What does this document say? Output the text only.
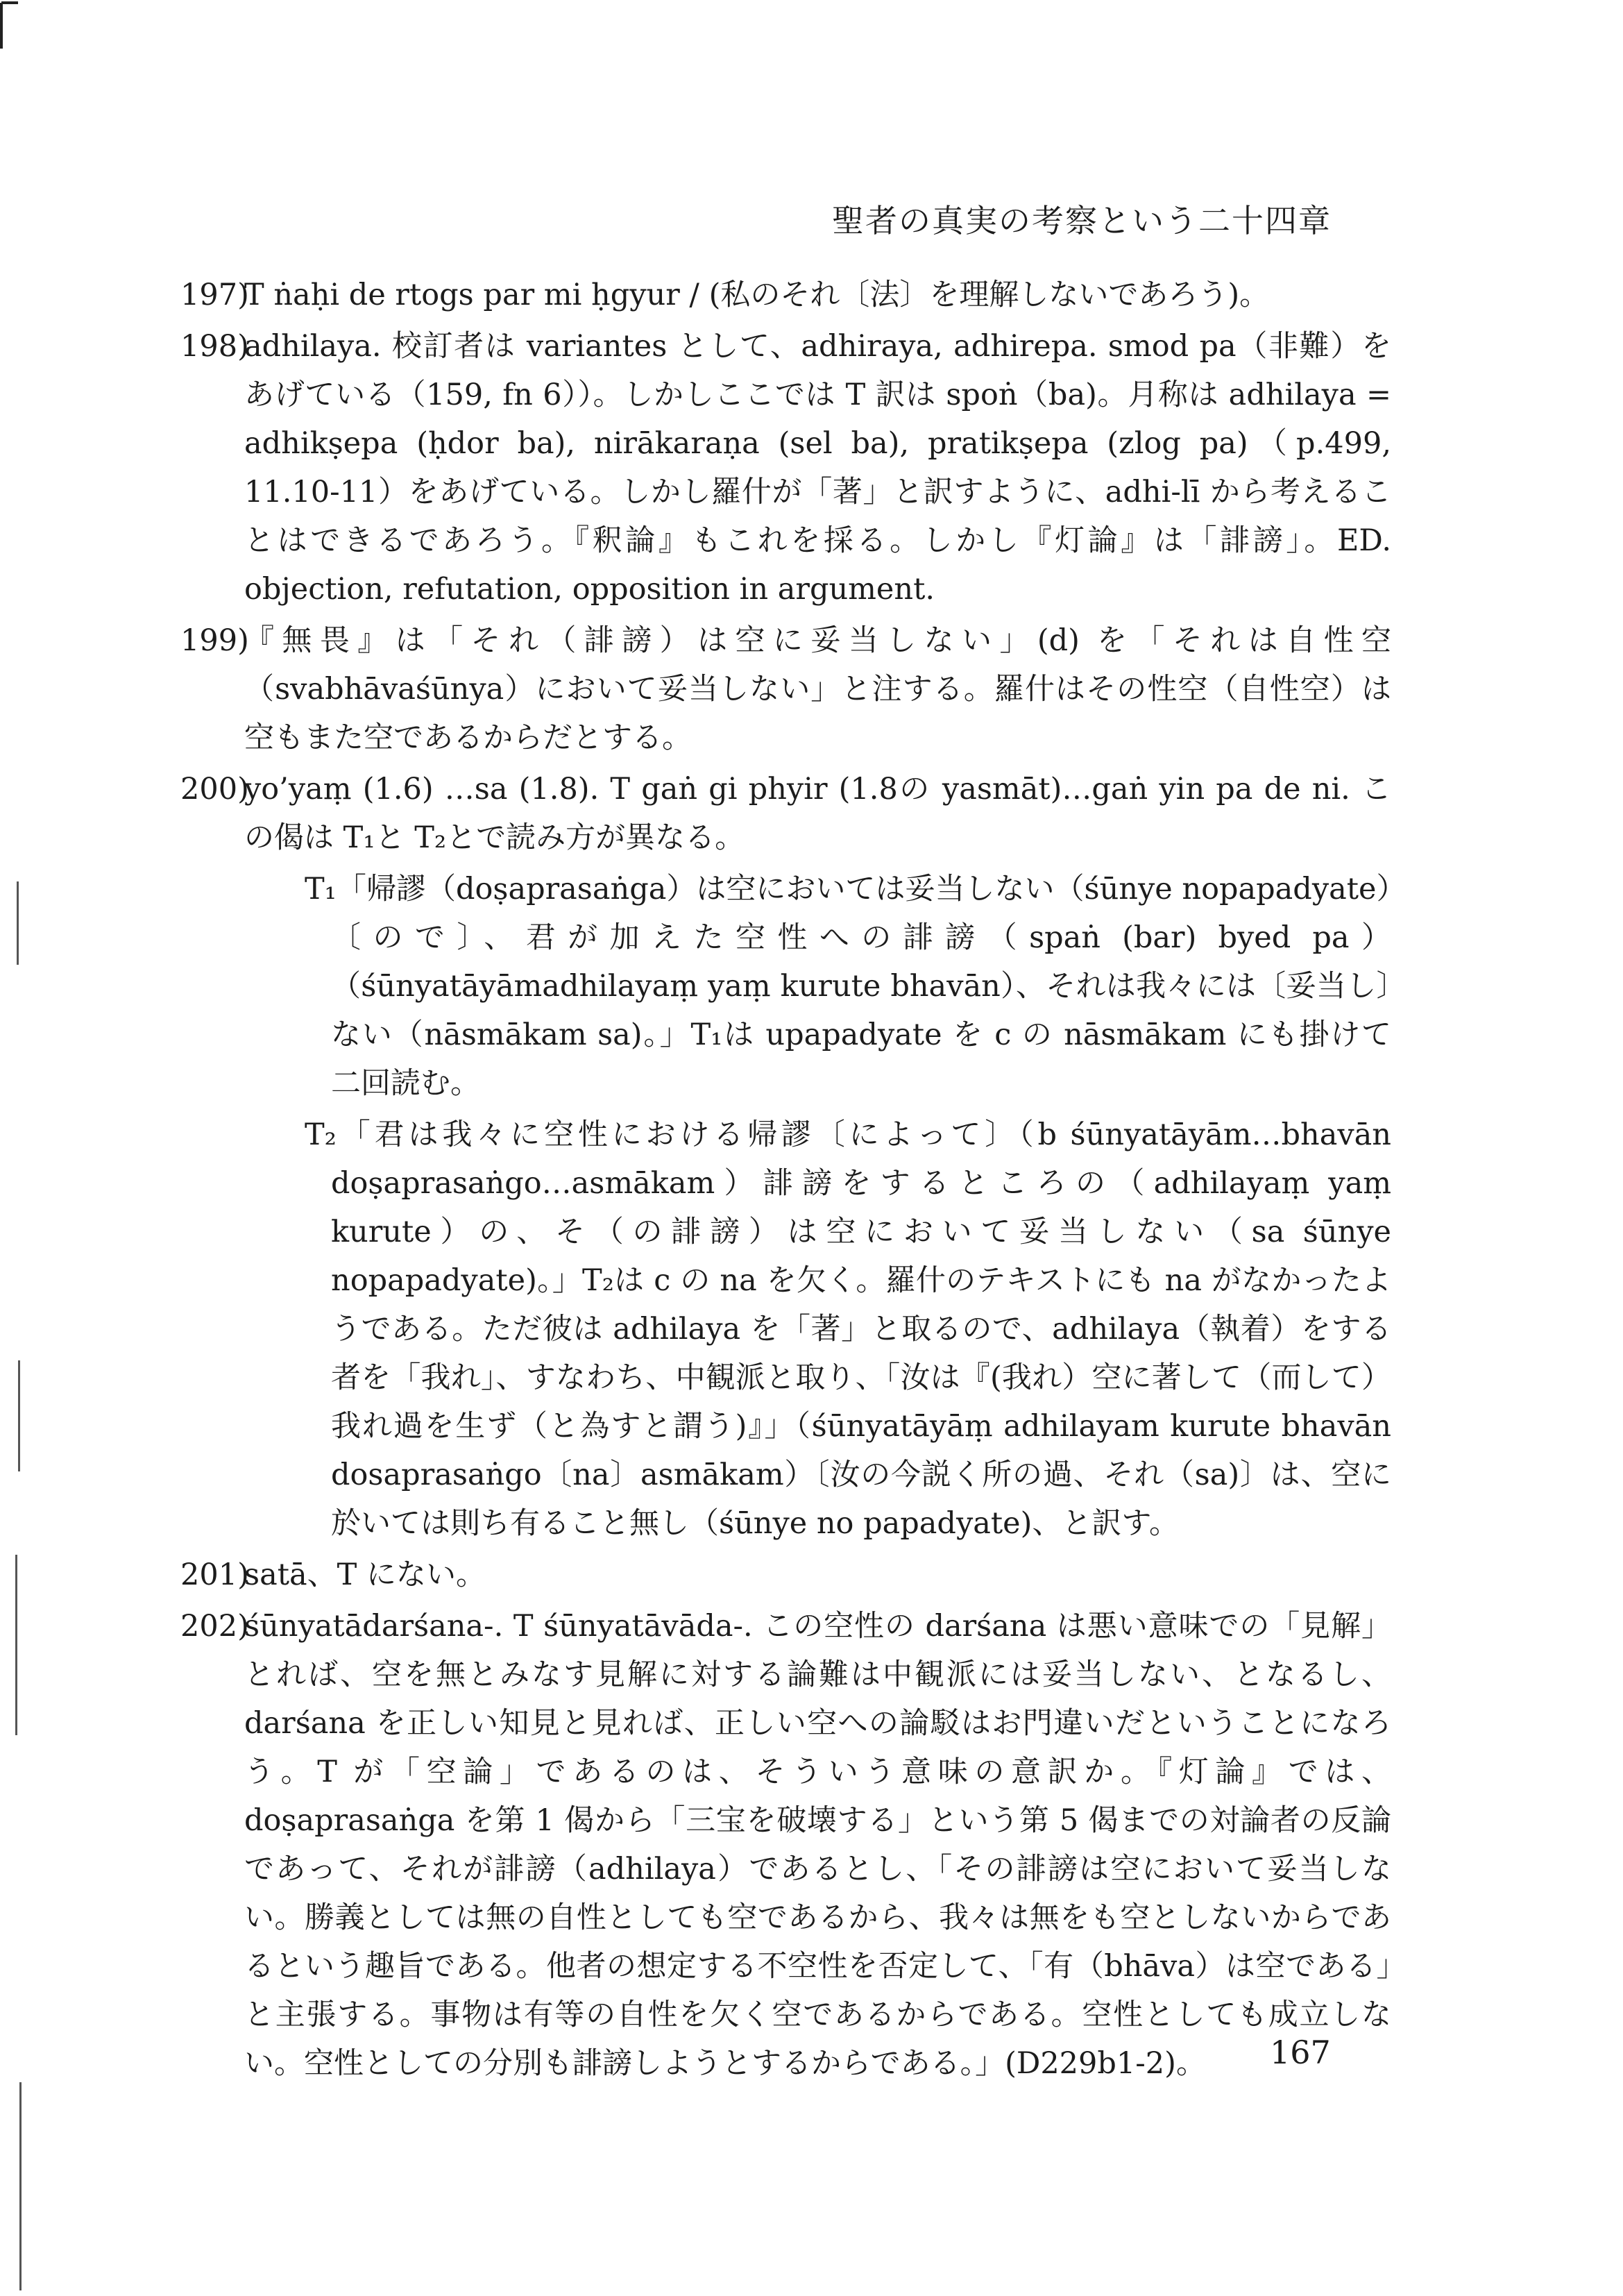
聖者の真実の考察という二十四章
197)
T ṅaḥi de rtogs par mi ḥgyur / (私のそれ〔法〕を理解しないであろう)。
198)
adhilaya. 校訂者は variantes として、adhiraya, adhirepa. smod pa（非難）をあげている（159, fn 6））。しかしここでは T 訳は spoṅ（ba)。月称は adhilaya = adhikṣepa (ḥdor ba), nirākaraṇa (sel ba), pratikṣepa (zlog pa)（p.499, 11.10-11）をあげている。しかし羅什が「著」と訳すように、adhi-lī から考えることはできるであろう。『釈論』もこれを採る。しかし『灯論』は「誹謗」。ED. objection, refutation, opposition in argument.
199)
『無畏』は「それ（誹謗）は空に妥当しない」(d) を「それは自性空（svabhāvaśūnya）において妥当しない」と注する。羅什はその性空（自性空）は空もまた空であるからだとする。
200)
yo’yaṃ (1.6) …sa (1.8). T gaṅ gi phyir (1.8の yasmāt)…gaṅ yin pa de ni. この偈は T₁と T₂とで読み方が異なる。
T₁「帰謬（doṣaprasaṅga）は空においては妥当しない（śūnye nopapadyate）〔ので〕、君が加えた空性への誹謗（spaṅ (bar) byed pa）（śūnyatāyāmadhilayaṃ yaṃ kurute bhavān）、それは我々には〔妥当し〕ない（nāsmākam sa)。」T₁は upapadyate を c の nāsmākam にも掛けて二回読む。
T₂「君は我々に空性における帰謬〔によって〕（b śūnyatāyām…bhavān doṣaprasaṅgo…asmākam）誹謗をするところの（adhilayaṃ yaṃ kurute）の、そ（の誹謗）は空において妥当しない（sa śūnye nopapadyate)。」T₂は c の na を欠く。羅什のテキストにも na がなかったようである。ただ彼は adhilaya を「著」と取るので、adhilaya（執着）をする者を「我れ」、すなわち、中観派と取り、「汝は『(我れ）空に著して（而して）我れ過を生ず（と為すと謂う)』」（śūnyatāyāṃ adhilayam kurute bhavān dosaprasaṅgo〔na〕asmākam）〔汝の今説く所の過、それ（sa)〕は、空に於いては則ち有ること無し（śūnye no papadyate)、と訳す。
201)
satā、T にない。
202)
śūnyatādarśana-. T śūnyatāvāda-. この空性の darśana は悪い意味での「見解」とれば、空を無とみなす見解に対する論難は中観派には妥当しない、となるし、darśana を正しい知見と見れば、正しい空への論駁はお門違いだということになろう。T が「空論」であるのは、そういう意味の意訳か。『灯論』では、doṣaprasaṅga を第 1 偈から「三宝を破壊する」という第 5 偈までの対論者の反論であって、それが誹謗（adhilaya）であるとし、「その誹謗は空において妥当しない。勝義としては無の自性としても空であるから、我々は無をも空としないからであるという趣旨である。他者の想定する不空性を否定して、「有（bhāva）は空である」と主張する。事物は有等の自性を欠く空であるからである。空性としても成立しない。空性としての分別も誹謗しようとするからである。」(D229b1-2)。	167
